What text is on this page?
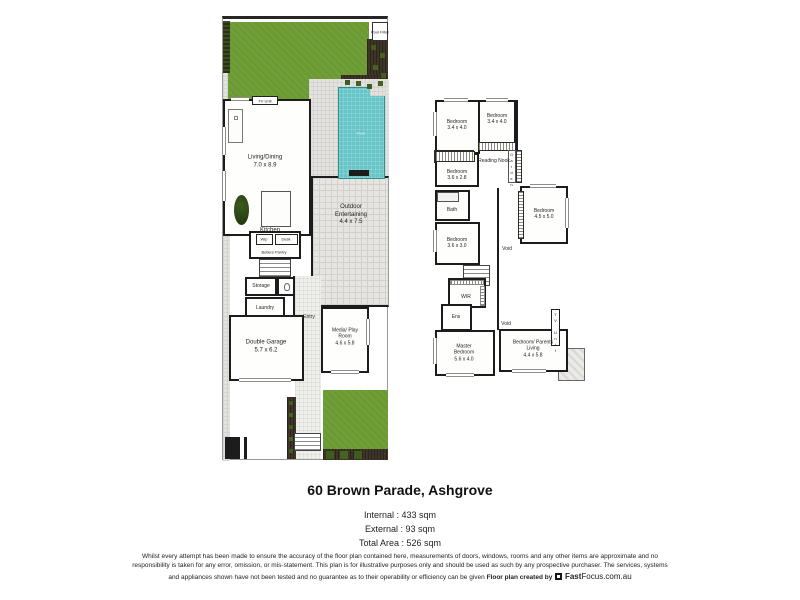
Pool Filter
TV Unit
Living/Dining
7.0 x 8.9
Pool
Outdoor Entertaining
4.4 x 7.5
Kitchen
Wip	Desk
Butlers Pantry
Storage
Laundry
Entry
Double Garage
5.7 x 6.2
Media/ Play Room
4.6 x 5.8
Bedroom
3.4 x 4.0
Bedroom
3.4 x 4.0
Bedroom
3.6 x 2.8
Reading Nook Garden
Bath	Bedroom
4.5 x 5.0
Void
Bedroom
3.6 x 3.0
WIR
Ens
Master Bedroom
5.6 x 4.0
Bedroom/ Parents Living
4.4 x 5.8
Void	TV Unit
60 Brown Parade, Ashgrove
Internal : 433 sqm
External : 93 sqm
Total Area : 526 sqm
Whilst every attempt has been made to ensure the accuracy of the floor plan contained here, measurements of doors, windows, rooms and any other items are approximate and no responsibility is taken for any error, omission, or mis-statement. This plan is for illustrative purposes only and should be used as such by any prospective purchaser. The services, systems and appliances shown have not been tested and no guarantee as to their operability or efficiency can be given Floor plan created by FastFocus.com.au
